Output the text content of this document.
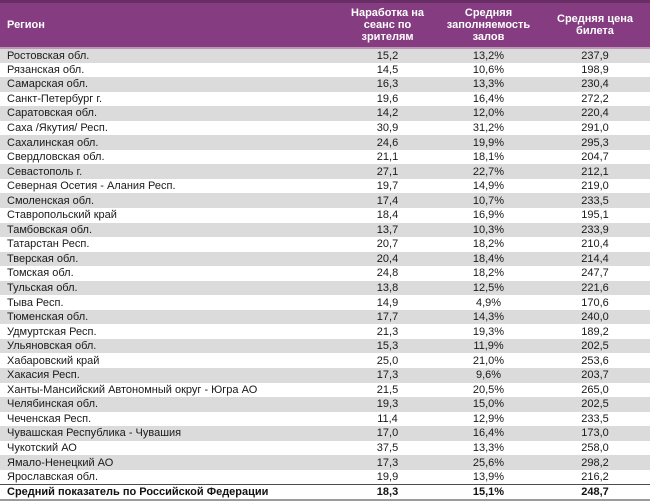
Регион	Наработка на сеанс по зрителям	Средняя заполняемость залов	Средняя цена билета
Ростовская обл.	15,2	13,2%	237,9
Рязанская обл.	14,5	10,6%	198,9
Самарская обл.	16,3	13,3%	230,4
Санкт-Петербург г.	19,6	16,4%	272,2
Саратовская обл.	14,2	12,0%	220,4
Саха /Якутия/ Респ.	30,9	31,2%	291,0
Сахалинская обл.	24,6	19,9%	295,3
Свердловская обл.	21,1	18,1%	204,7
Севастополь г.	27,1	22,7%	212,1
Северная Осетия - Алания Респ.	19,7	14,9%	219,0
Смоленская обл.	17,4	10,7%	233,5
Ставропольский край	18,4	16,9%	195,1
Тамбовская обл.	13,7	10,3%	233,9
Татарстан Респ.	20,7	18,2%	210,4
Тверская обл.	20,4	18,4%	214,4
Томская обл.	24,8	18,2%	247,7
Тульская обл.	13,8	12,5%	221,6
Тыва Респ.	14,9	4,9%	170,6
Тюменская обл.	17,7	14,3%	240,0
Удмуртская Респ.	21,3	19,3%	189,2
Ульяновская обл.	15,3	11,9%	202,5
Хабаровский край	25,0	21,0%	253,6
Хакасия Респ.	17,3	9,6%	203,7
Ханты-Мансийский Автономный округ - Югра АО	21,5	20,5%	265,0
Челябинская обл.	19,3	15,0%	202,5
Чеченская Респ.	11,4	12,9%	233,5
Чувашская Республика - Чувашия	17,0	16,4%	173,0
Чукотский АО	37,5	13,3%	258,0
Ямало-Ненецкий АО	17,3	25,6%	298,2
Ярославская обл.	19,9	13,9%	216,2
Средний показатель по Российской Федерации	18,3	15,1%	248,7
